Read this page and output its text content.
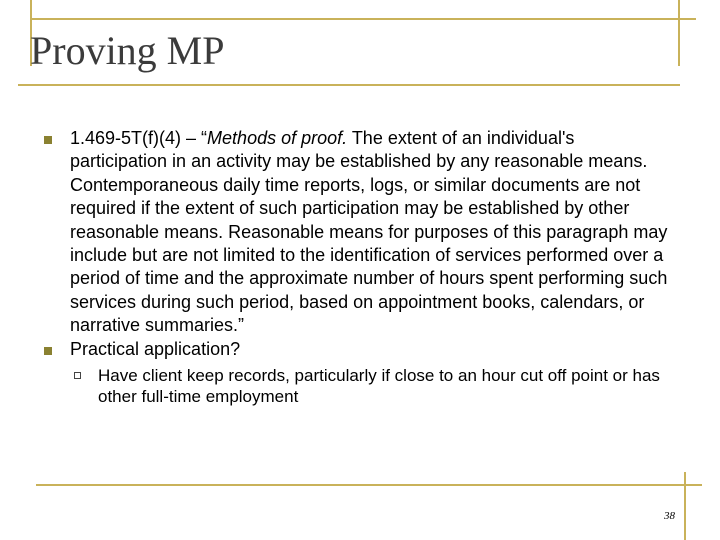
Proving MP
1.469-5T(f)(4) – “Methods of proof. The extent of an individual's participation in an activity may be established by any reasonable means. Contemporaneous daily time reports, logs, or similar documents are not required if the extent of such participation may be established by other reasonable means. Reasonable means for purposes of this paragraph may include but are not limited to the identification of services performed over a period of time and the approximate number of hours spent performing such services during such period, based on appointment books, calendars, or narrative summaries.”
Practical application?
Have client keep records, particularly if close to an hour cut off point or has other full-time employment
38
